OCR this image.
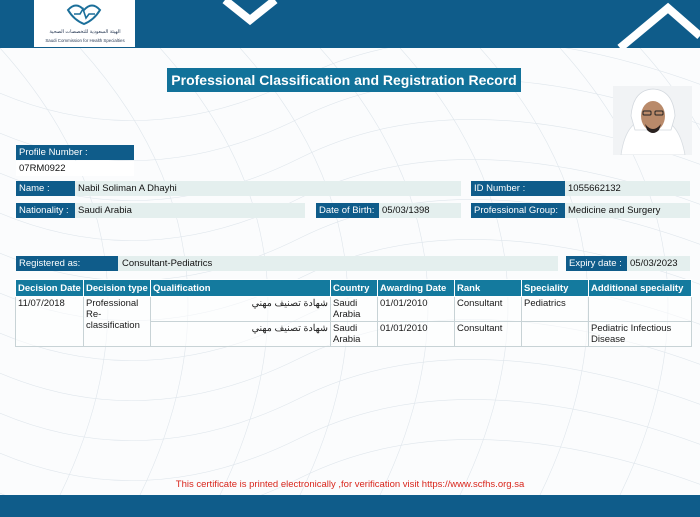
الهيئة السعودية للتخصصات الصحية
Saudi Commission for Health Specialties
Professional Classification and Registration Record
Profile Number :
07RM0922
Name :	Nabil Soliman A Dhayhi	ID Number :	1055662132
Nationality : Saudi Arabia	Date of Birth: 05/03/1398	Professional Group:	Medicine and Surgery
Registered as:	Consultant-Pediatrics	Expiry date : 05/03/2023
Decision Date	Decision type	Qualification	Country	Awarding Date	Rank	Speciality	Additional speciality
11/07/2018	Professional Re-classification	شهادة تصنيف مهني	Saudi Arabia	01/01/2010	Consultant	Pediatrics	
		شهادة تصنيف مهني	Saudi Arabia	01/01/2010	Consultant		Pediatric Infectious Disease
This certificate is printed electronically ,for verification visit https://www.scfhs.org.sa
